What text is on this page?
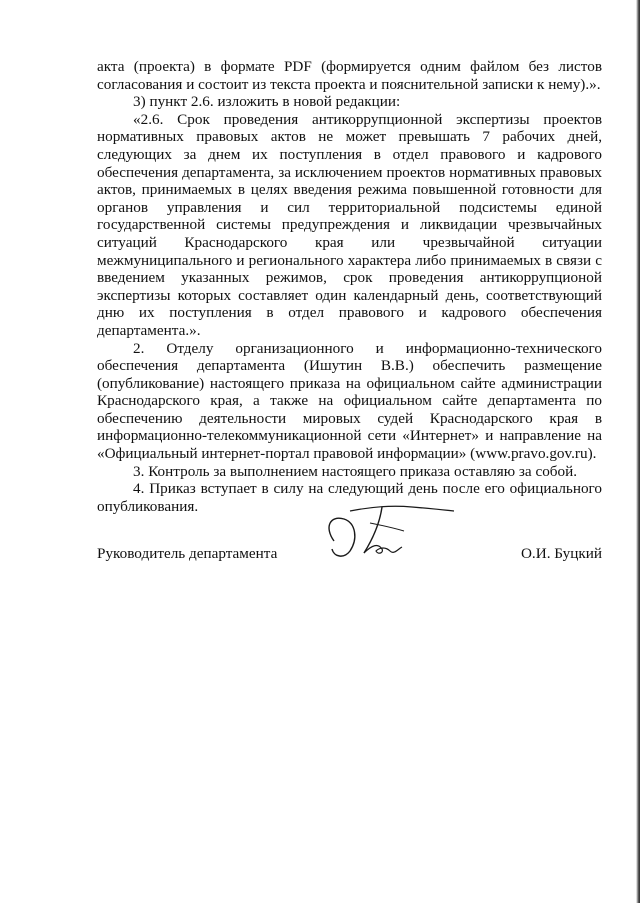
акта (проекта) в формате PDF (формируется одним файлом без листов согласования и состоит из текста проекта и пояснительной записки к нему).».

3) пункт 2.6. изложить в новой редакции:

«2.6. Срок проведения антикоррупционной экспертизы проектов нормативных правовых актов не может превышать 7 рабочих дней, следующих за днем их поступления в отдел правового и кадрового обеспечения департамента, за исключением проектов нормативных правовых актов, принимаемых в целях введения режима повышенной готовности для органов управления и сил территориальной подсистемы единой государственной системы предупреждения и ликвидации чрезвычайных ситуаций Краснодарского края или чрезвычайной ситуации межмуниципального и регионального характера либо принимаемых в связи с введением указанных режимов, срок проведения антикоррупционой экспертизы которых составляет один календарный день, соответствующий дню их поступления в отдел правового и кадрового обеспечения департамента.».

2. Отделу организационного и информационно-технического обеспечения департамента (Ишутин В.В.) обеспечить размещение (опубликование) настоящего приказа на официальном сайте администрации Краснодарского края, а также на официальном сайте департамента по обеспечению деятельности мировых судей Краснодарского края в информационно-телекоммуникационной сети «Интернет» и направление на «Официальный интернет-портал правовой информации» (www.pravo.gov.ru).

3. Контроль за выполнением настоящего приказа оставляю за собой.

4. Приказ вступает в силу на следующий день после его официального опубликования.

Руководитель департамента	О.И. Буцкий
